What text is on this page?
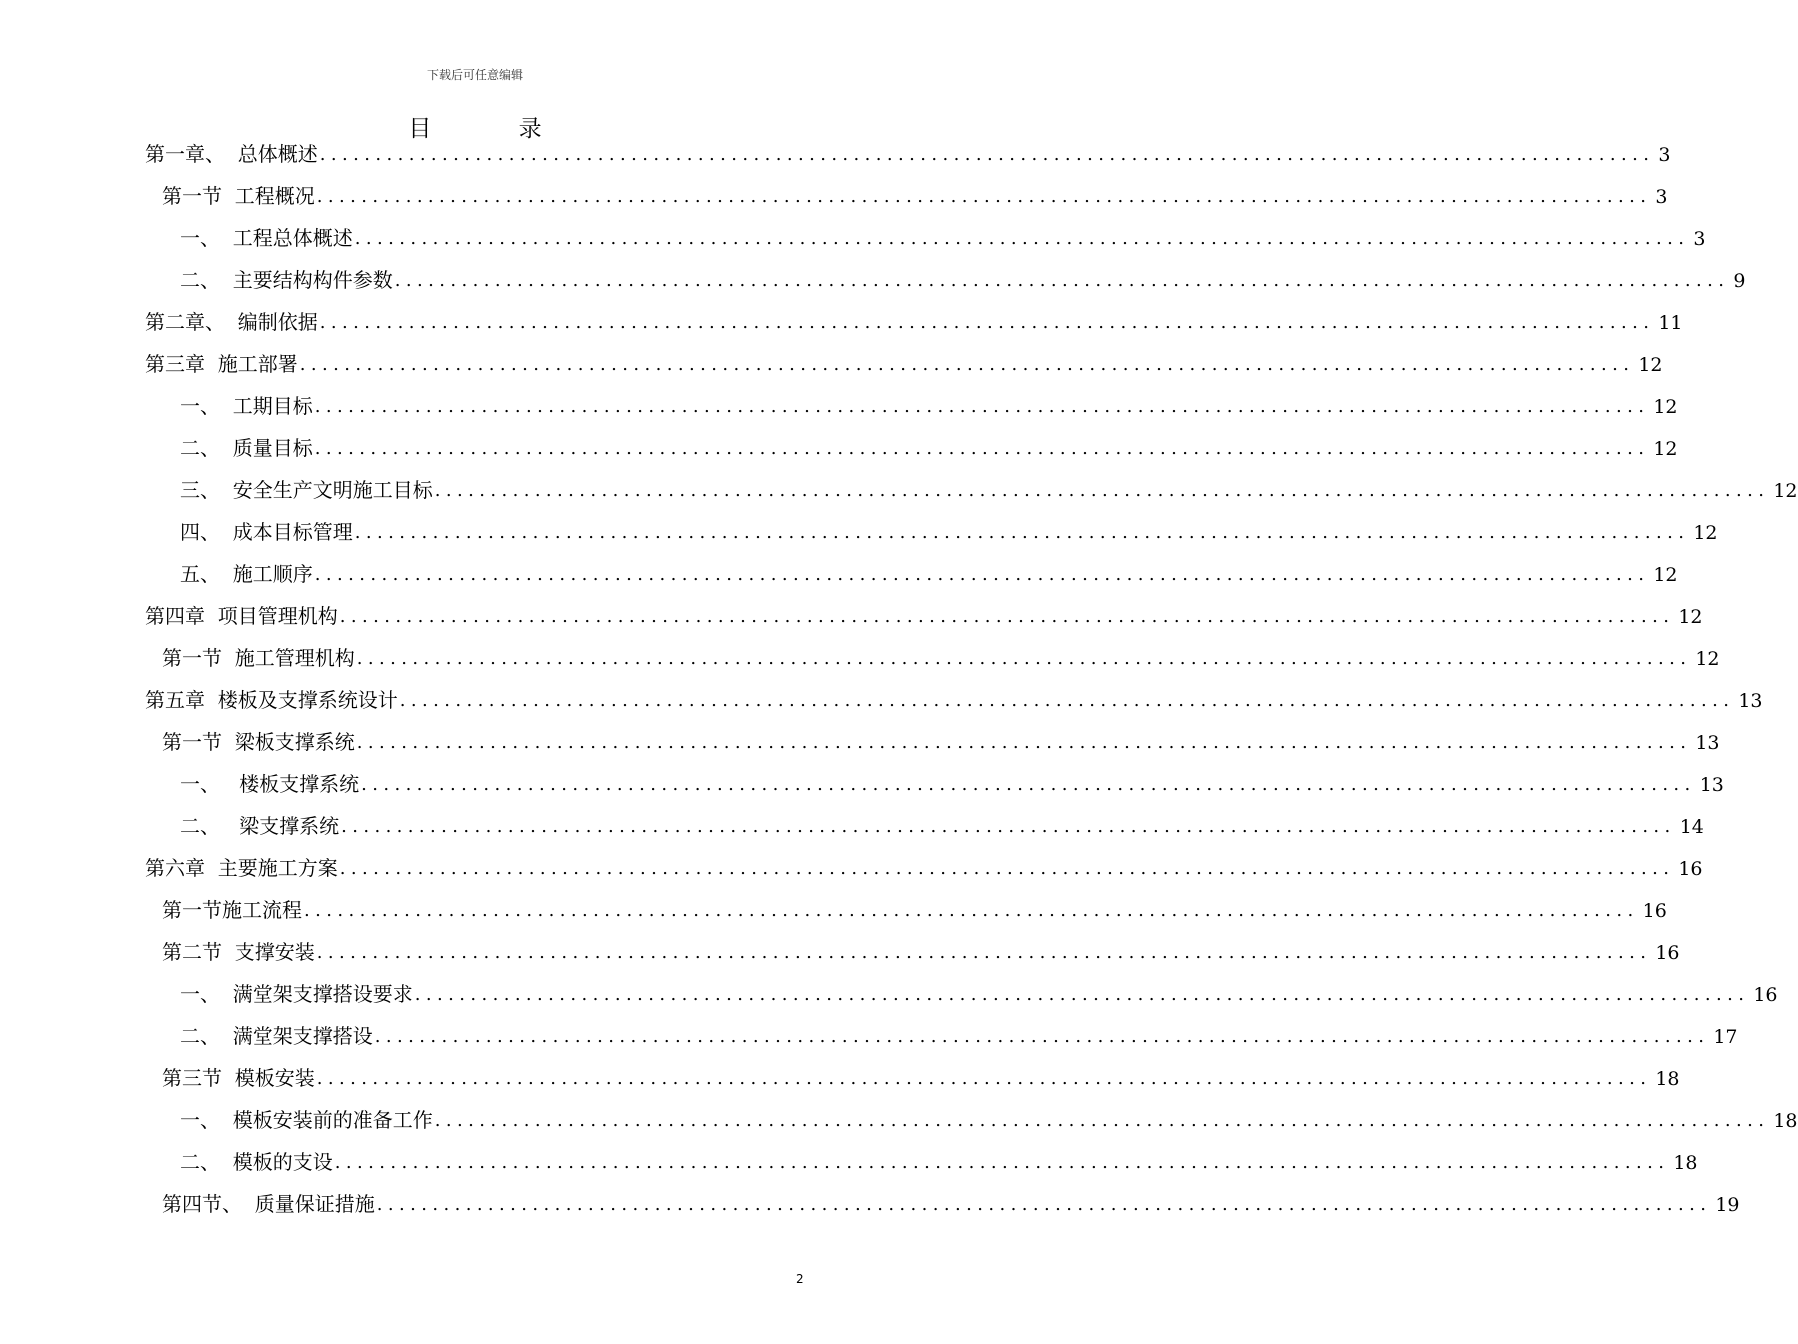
下载后可任意编辑
目 录
第一章、  总体概述 ........................................................................................................................ 3
第一节  工程概况 ........................................................................................................................ 3
一、  工程总体概述 ........................................................................................................................ 3
二、  主要结构构件参数 ........................................................................................................................ 9
第二章、  编制依据 ........................................................................................................................ 11
第三章  施工部署 ........................................................................................................................ 12
一、  工期目标 ........................................................................................................................ 12
二、  质量目标 ........................................................................................................................ 12
三、  安全生产文明施工目标 ........................................................................................................................ 12
四、  成本目标管理 ........................................................................................................................ 12
五、  施工顺序 ........................................................................................................................ 12
第四章  项目管理机构 ........................................................................................................................ 12
第一节  施工管理机构 ........................................................................................................................ 12
第五章  楼板及支撑系统设计 ........................................................................................................................ 13
第一节  梁板支撑系统 ........................................................................................................................ 13
一、   楼板支撑系统 ........................................................................................................................ 13
二、   梁支撑系统 ........................................................................................................................ 14
第六章  主要施工方案 ........................................................................................................................ 16
第一节施工流程 ........................................................................................................................ 16
第二节  支撑安装 ........................................................................................................................ 16
一、  满堂架支撑搭设要求 ........................................................................................................................ 16
二、  满堂架支撑搭设 ........................................................................................................................ 17
第三节  模板安装 ........................................................................................................................ 18
一、  模板安装前的准备工作 ........................................................................................................................ 18
二、  模板的支设 ........................................................................................................................ 18
第四节、  质量保证措施 ........................................................................................................................ 19
2
